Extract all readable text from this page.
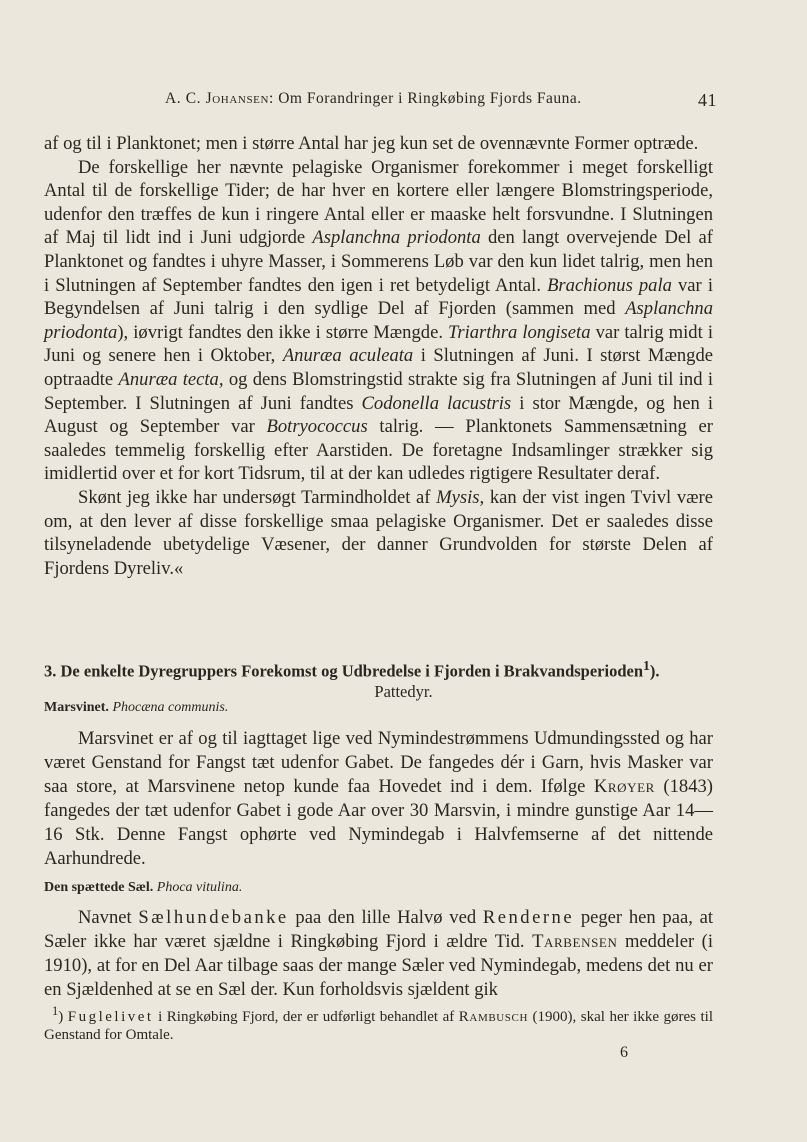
A. C. Johansen: Om Forandringer i Ringkøbing Fjords Fauna.	41

af og til i Planktonet; men i større Antal har jeg kun set de ovennævnte Former optræde.

De forskellige her nævnte pelagiske Organismer forekommer i meget forskelligt Antal til de forskellige Tider; de har hver en kortere eller længere Blomstringsperiode, udenfor den træffes de kun i ringere Antal eller er maaske helt forsvundne. I Slutningen af Maj til lidt ind i Juni udgjorde Asplanchna priodonta den langt overvejende Del af Planktonet og fandtes i uhyre Masser, i Sommerens Løb var den kun lidet talrig, men hen i Slutningen af September fandtes den igen i ret betydeligt Antal. Brachionus pala var i Begyndelsen af Juni talrig i den sydlige Del af Fjorden (sammen med Asplanchna priodonta), iøvrigt fandtes den ikke i større Mængde. Triarthra longiseta var talrig midt i Juni og senere hen i Oktober, Anuræa aculeata i Slutningen af Juni. I størst Mængde optraadte Anuræa tecta, og dens Blomstringstid strakte sig fra Slutningen af Juni til ind i September. I Slutningen af Juni fandtes Codonella lacustris i stor Mængde, og hen i August og September var Botryococcus talrig. — Planktonets Sammensætning er saaledes temmelig forskellig efter Aarstiden. De foretagne Indsamlinger strækker sig imidlertid over et for kort Tidsrum, til at der kan udledes rigtigere Resultater deraf.

Skønt jeg ikke har undersøgt Tarmindholdet af Mysis, kan der vist ingen Tvivl være om, at den lever af disse forskellige smaa pelagiske Organismer. Det er saaledes disse tilsyneladende ubetydelige Væsener, der danner Grundvolden for største Delen af Fjordens Dyreliv.«

3. De enkelte Dyregruppers Forekomst og Udbredelse i Fjorden i Brakvandsperioden$^1$).
Pattedyr.
Marsvinet. Phocæna communis.

Marsvinet er af og til iagttaget lige ved Nymindestrømmens Udmundingssted og har været Genstand for Fangst tæt udenfor Gabet. De fangedes dér i Garn, hvis Masker var saa store, at Marsvinene netop kunde faa Hovedet ind i dem. Ifølge Krøyer (1843) fangedes der tæt udenfor Gabet i gode Aar over 30 Marsvin, i mindre gunstige Aar 14—16 Stk. Denne Fangst ophørte ved Nymindegab i Halvfemserne af det nittende Aarhundrede.

Den spættede Sæl. Phoca vitulina.

Navnet Sælhundebanke paa den lille Halvø ved Renderne peger hen paa, at Sæler ikke har været sjældne i Ringkøbing Fjord i ældre Tid. Tarbensen meddeler (i 1910), at for en Del Aar tilbage saas der mange Sæler ved Nymindegab, medens det nu er en Sjældenhed at se en Sæl der. Kun forholdsvis sjældent gik

$^1$) Fuglelivet i Ringkøbing Fjord, der er udførligt behandlet af Rambusch (1900), skal her ikke gøres til Genstand for Omtale.

6
